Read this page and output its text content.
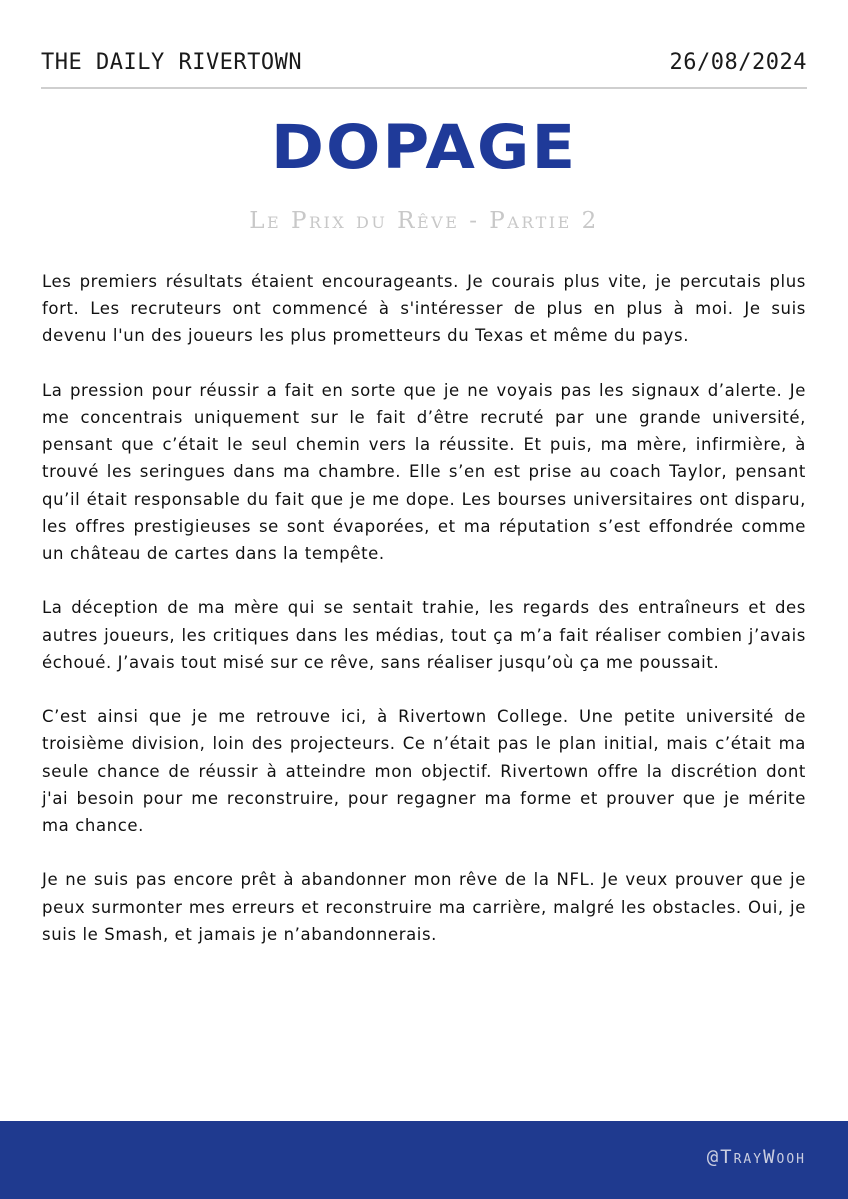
THE DAILY RIVERTOWN	26/08/2024
DOPAGE
Le Prix du Rêve - Partie 2

Les premiers résultats étaient encourageants. Je courais plus vite, je percutais plus fort. Les recruteurs ont commencé à s'intéresser de plus en plus à moi. Je suis devenu l'un des joueurs les plus prometteurs du Texas et même du pays.

La pression pour réussir a fait en sorte que je ne voyais pas les signaux d’alerte. Je me concentrais uniquement sur le fait d’être recruté par une grande université, pensant que c’était le seul chemin vers la réussite. Et puis, ma mère, infirmière, à trouvé les seringues dans ma chambre. Elle s’en est prise au coach Taylor, pensant qu’il était responsable du fait que je me dope. Les bourses universitaires ont disparu, les offres prestigieuses se sont évaporées, et ma réputation s’est effondrée comme un château de cartes dans la tempête.

La déception de ma mère qui se sentait trahie, les regards des entraîneurs et des autres joueurs, les critiques dans les médias, tout ça m’a fait réaliser combien j’avais échoué. J’avais tout misé sur ce rêve, sans réaliser jusqu’où ça me poussait.

C’est ainsi que je me retrouve ici, à Rivertown College. Une petite université de troisième division, loin des projecteurs. Ce n’était pas le plan initial, mais c’était ma seule chance de réussir à atteindre mon objectif. Rivertown offre la discrétion dont j'ai besoin pour me reconstruire, pour regagner ma forme et prouver que je mérite ma chance.

Je ne suis pas encore prêt à abandonner mon rêve de la NFL. Je veux prouver que je peux surmonter mes erreurs et reconstruire ma carrière, malgré les obstacles. Oui, je suis le Smash, et jamais je n’abandonnerais.

@TrayWooh
